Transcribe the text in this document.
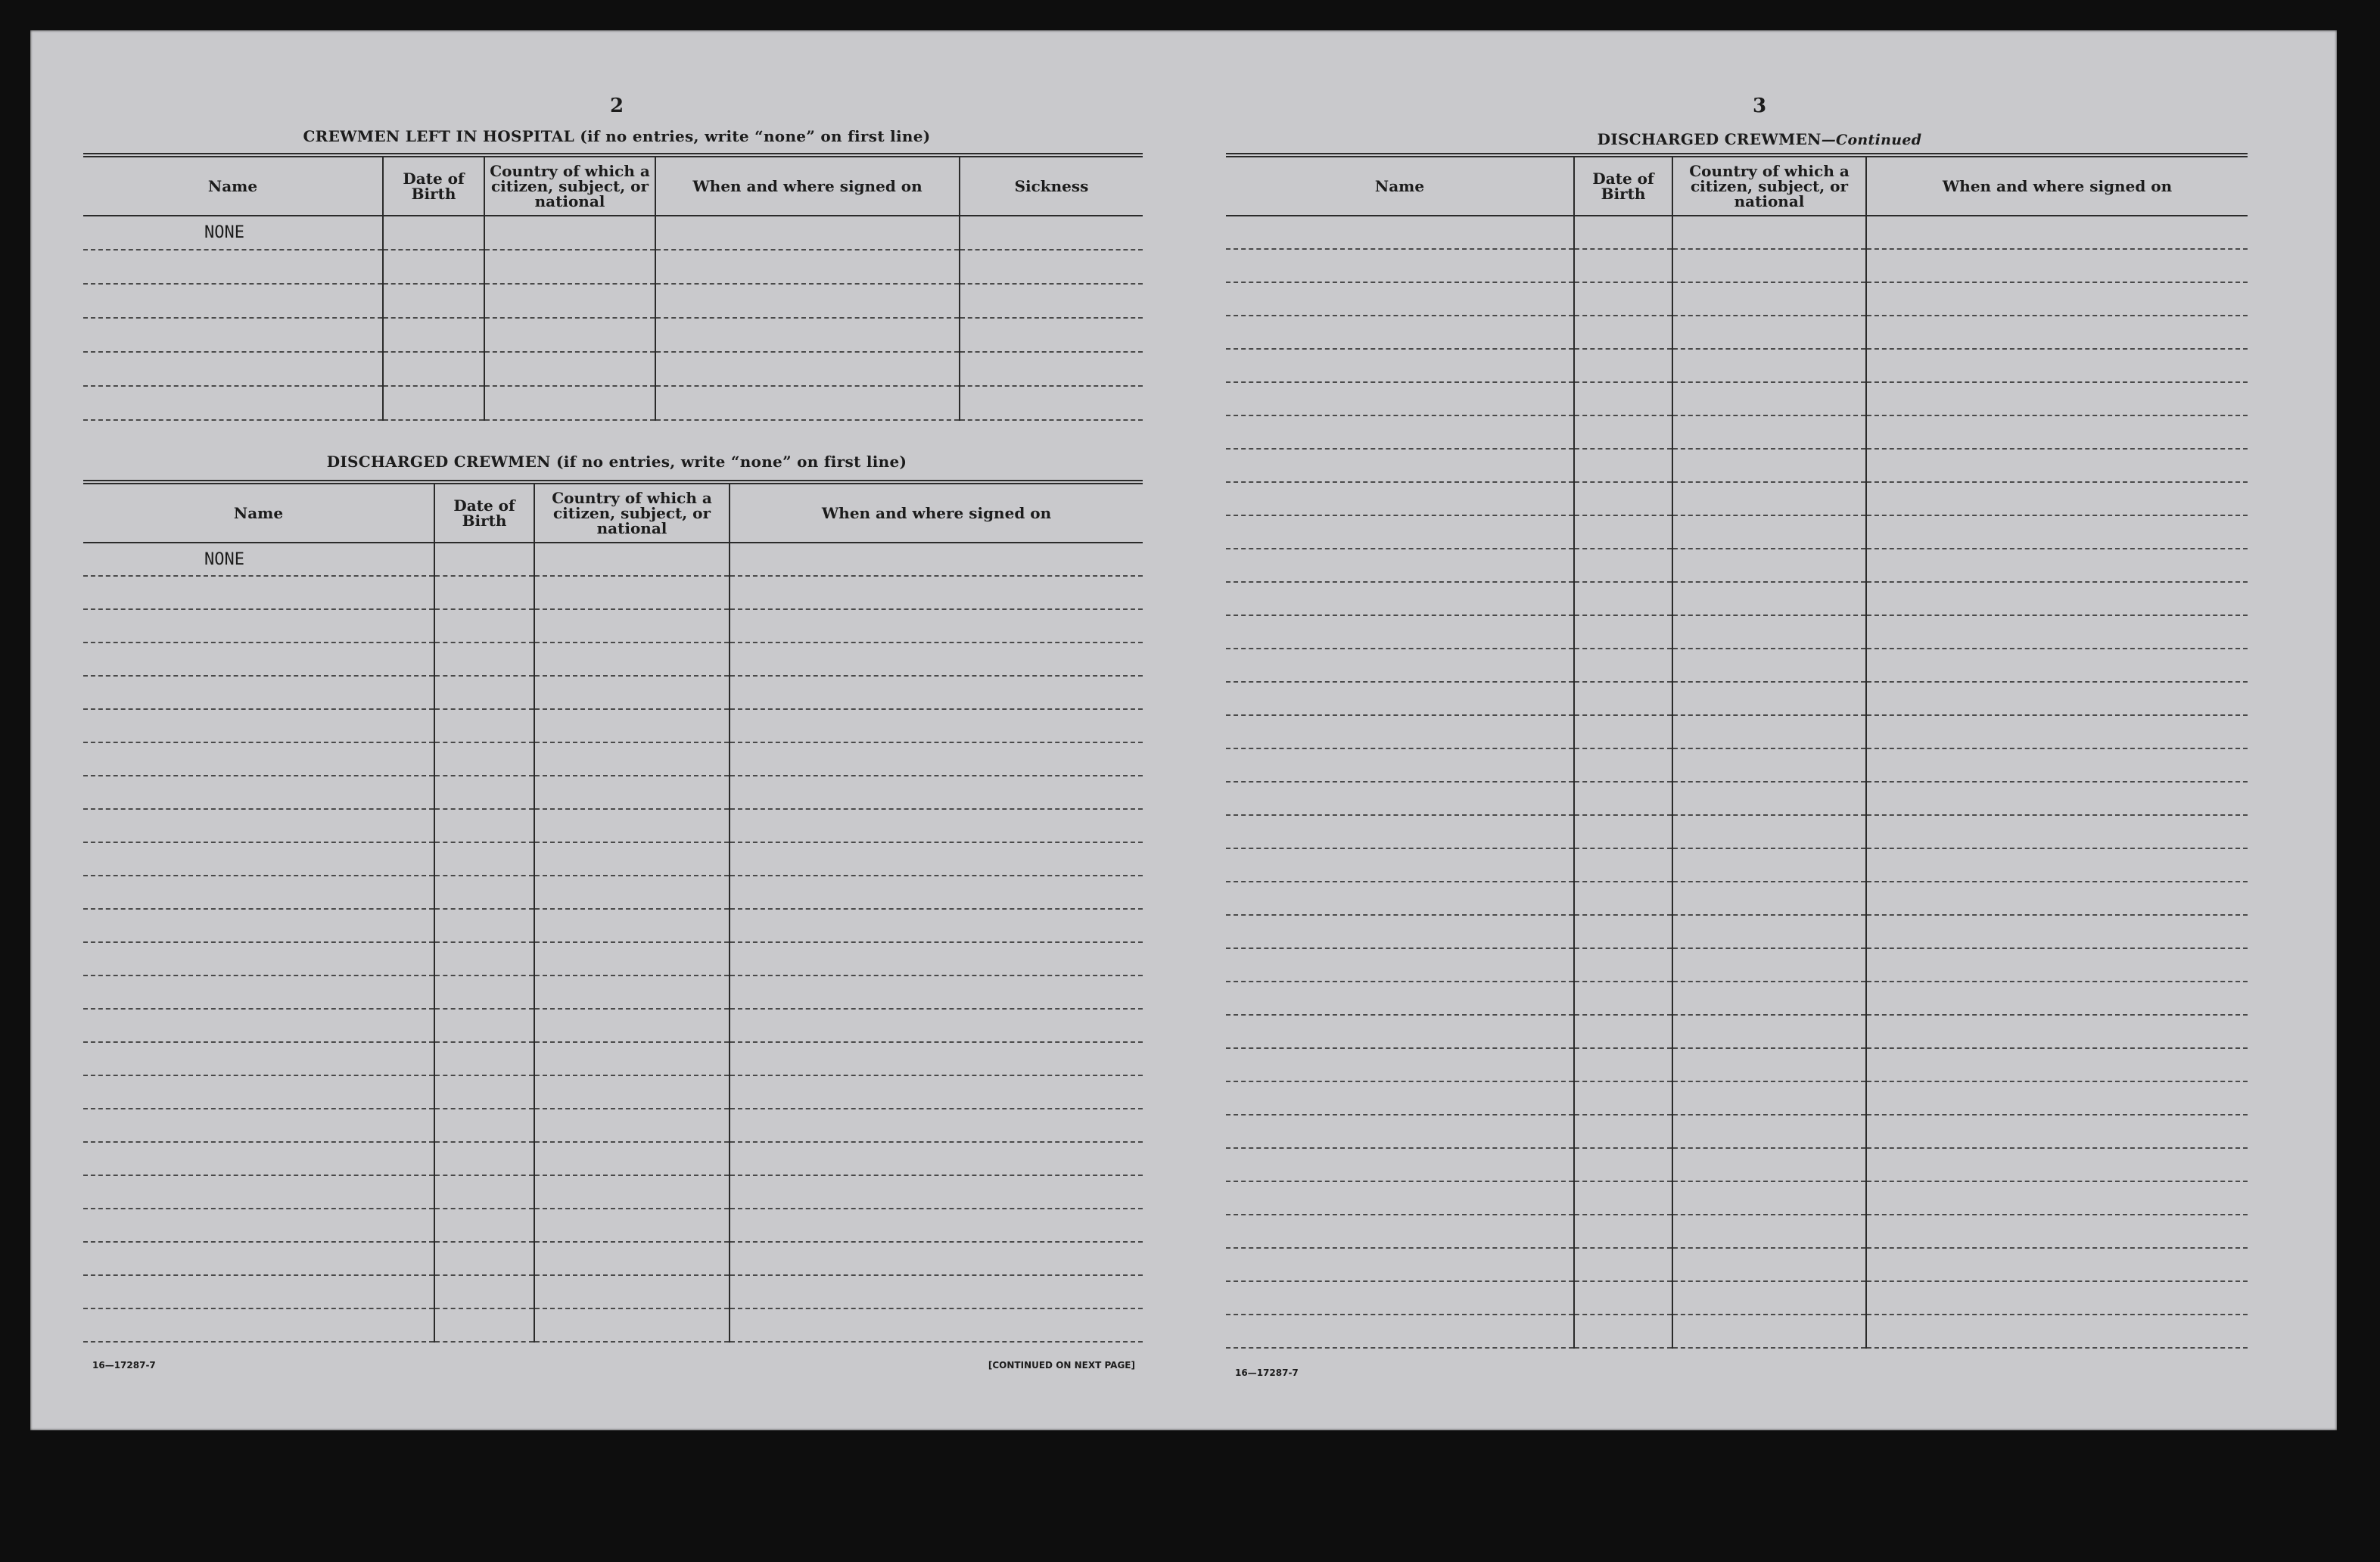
2
CREWMEN LEFT IN HOSPITAL (if no entries, write “none” on first line)
Name	Date of Birth	Country of which a citizen, subject, or national	When and where signed on	Sickness
NONE				

DISCHARGED CREWMEN (if no entries, write “none” on first line)
Name	Date of Birth	Country of which a citizen, subject, or national	When and where signed on
NONE			

16—17287-7	[CONTINUED ON NEXT PAGE]
3
DISCHARGED CREWMEN—Continued
Name	Date of Birth	Country of which a citizen, subject, or national	When and where signed on

16—17287-7
